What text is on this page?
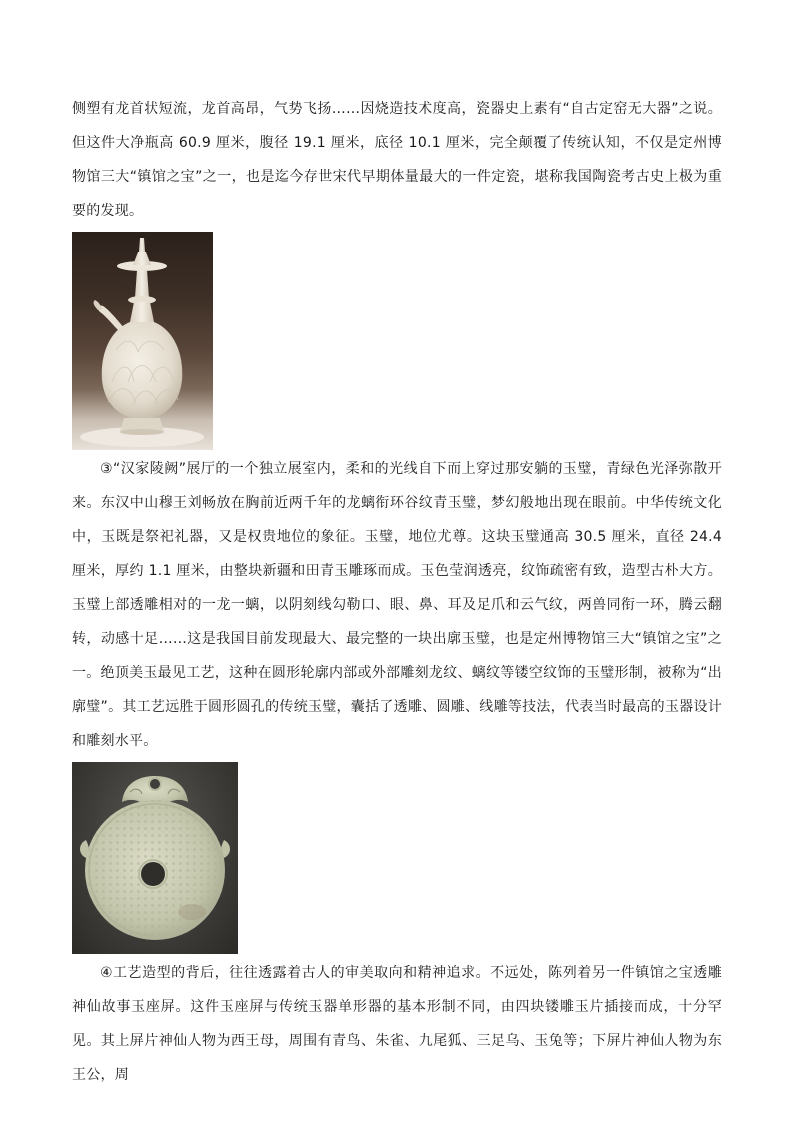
侧塑有龙首状短流，龙首高昂，气势飞扬……因烧造技术度高，瓷器史上素有“自古定窑无大器”之说。但这件大净瓶高 60.9 厘米，腹径 19.1 厘米，底径 10.1 厘米，完全颠覆了传统认知，不仅是定州博物馆三大“镇馆之宝”之一，也是迄今存世宋代早期体量最大的一件定瓷，堪称我国陶瓷考古史上极为重要的发现。

③“汉家陵阙”展厅的一个独立展室内，柔和的光线自下而上穿过那安躺的玉璧，青绿色光泽弥散开来。东汉中山穆王刘畅放在胸前近两千年的龙螭衔环谷纹青玉璧，梦幻般地出现在眼前。中华传统文化中，玉既是祭祀礼器，又是权贵地位的象征。玉璧，地位尤尊。这块玉璧通高 30.5 厘米，直径 24.4 厘米，厚约 1.1 厘米，由整块新疆和田青玉雕琢而成。玉色莹润透亮，纹饰疏密有致，造型古朴大方。玉璧上部透雕相对的一龙一螭，以阴刻线勾勒口、眼、鼻、耳及足爪和云气纹，两兽同衔一环，腾云翻转，动感十足……这是我国目前发现最大、最完整的一块出廓玉璧，也是定州博物馆三大“镇馆之宝”之一。绝顶美玉最见工艺，这种在圆形轮廓内部或外部雕刻龙纹、螭纹等镂空纹饰的玉璧形制，被称为“出廓璧”。其工艺远胜于圆形圆孔的传统玉璧，囊括了透雕、圆雕、线雕等技法，代表当时最高的玉器设计和雕刻水平。

④工艺造型的背后，往往透露着古人的审美取向和精神追求。不远处，陈列着另一件镇馆之宝透雕神仙故事玉座屏。这件玉座屏与传统玉器单形器的基本形制不同，由四块镂雕玉片插接而成，十分罕见。其上屏片神仙人物为西王母，周围有青鸟、朱雀、九尾狐、三足乌、玉兔等；下屏片神仙人物为东王公，周
